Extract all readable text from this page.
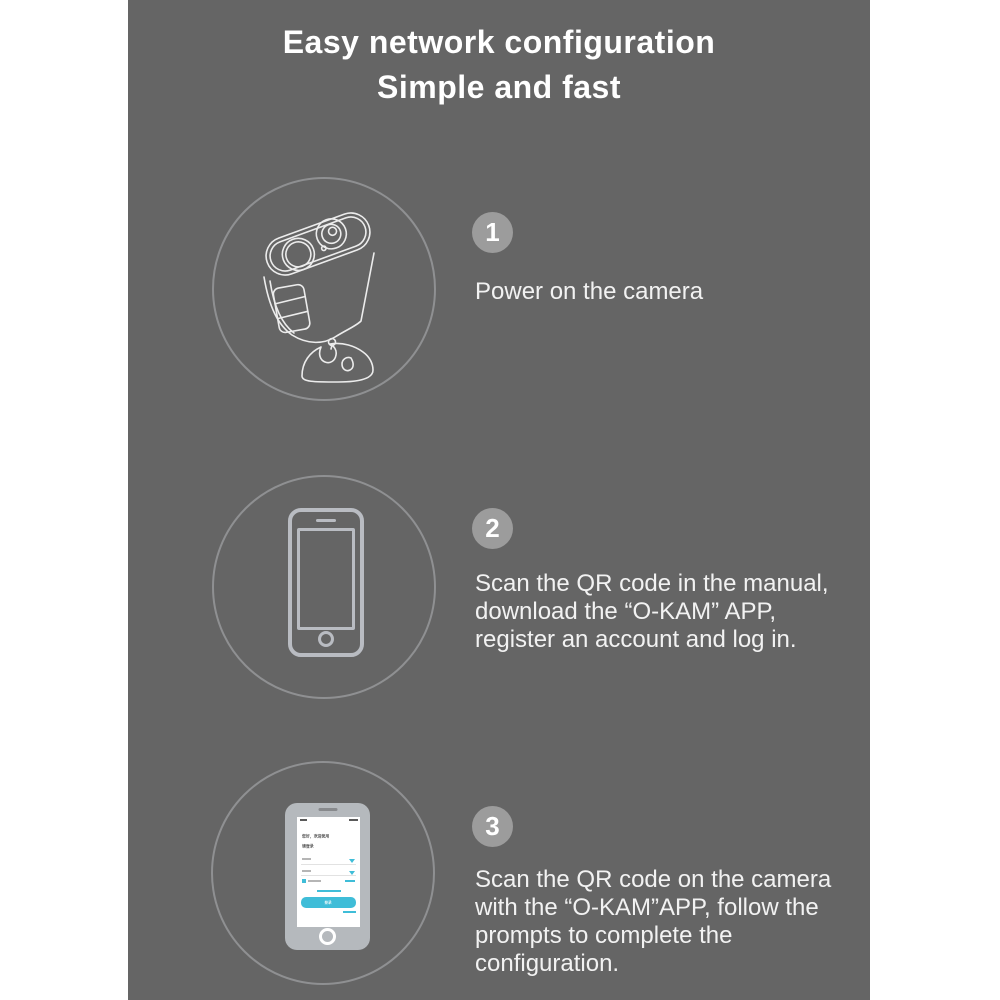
Easy network configuration
Simple and fast
1
Power on the camera
2
Scan the QR code in the manual,
download the “O-KAM” APP,
register an account and log in.
您好，欢迎使用
请登录
登录
3
Scan the QR code on the camera
with the “O-KAM”APP, follow the
prompts to complete the
configuration.
